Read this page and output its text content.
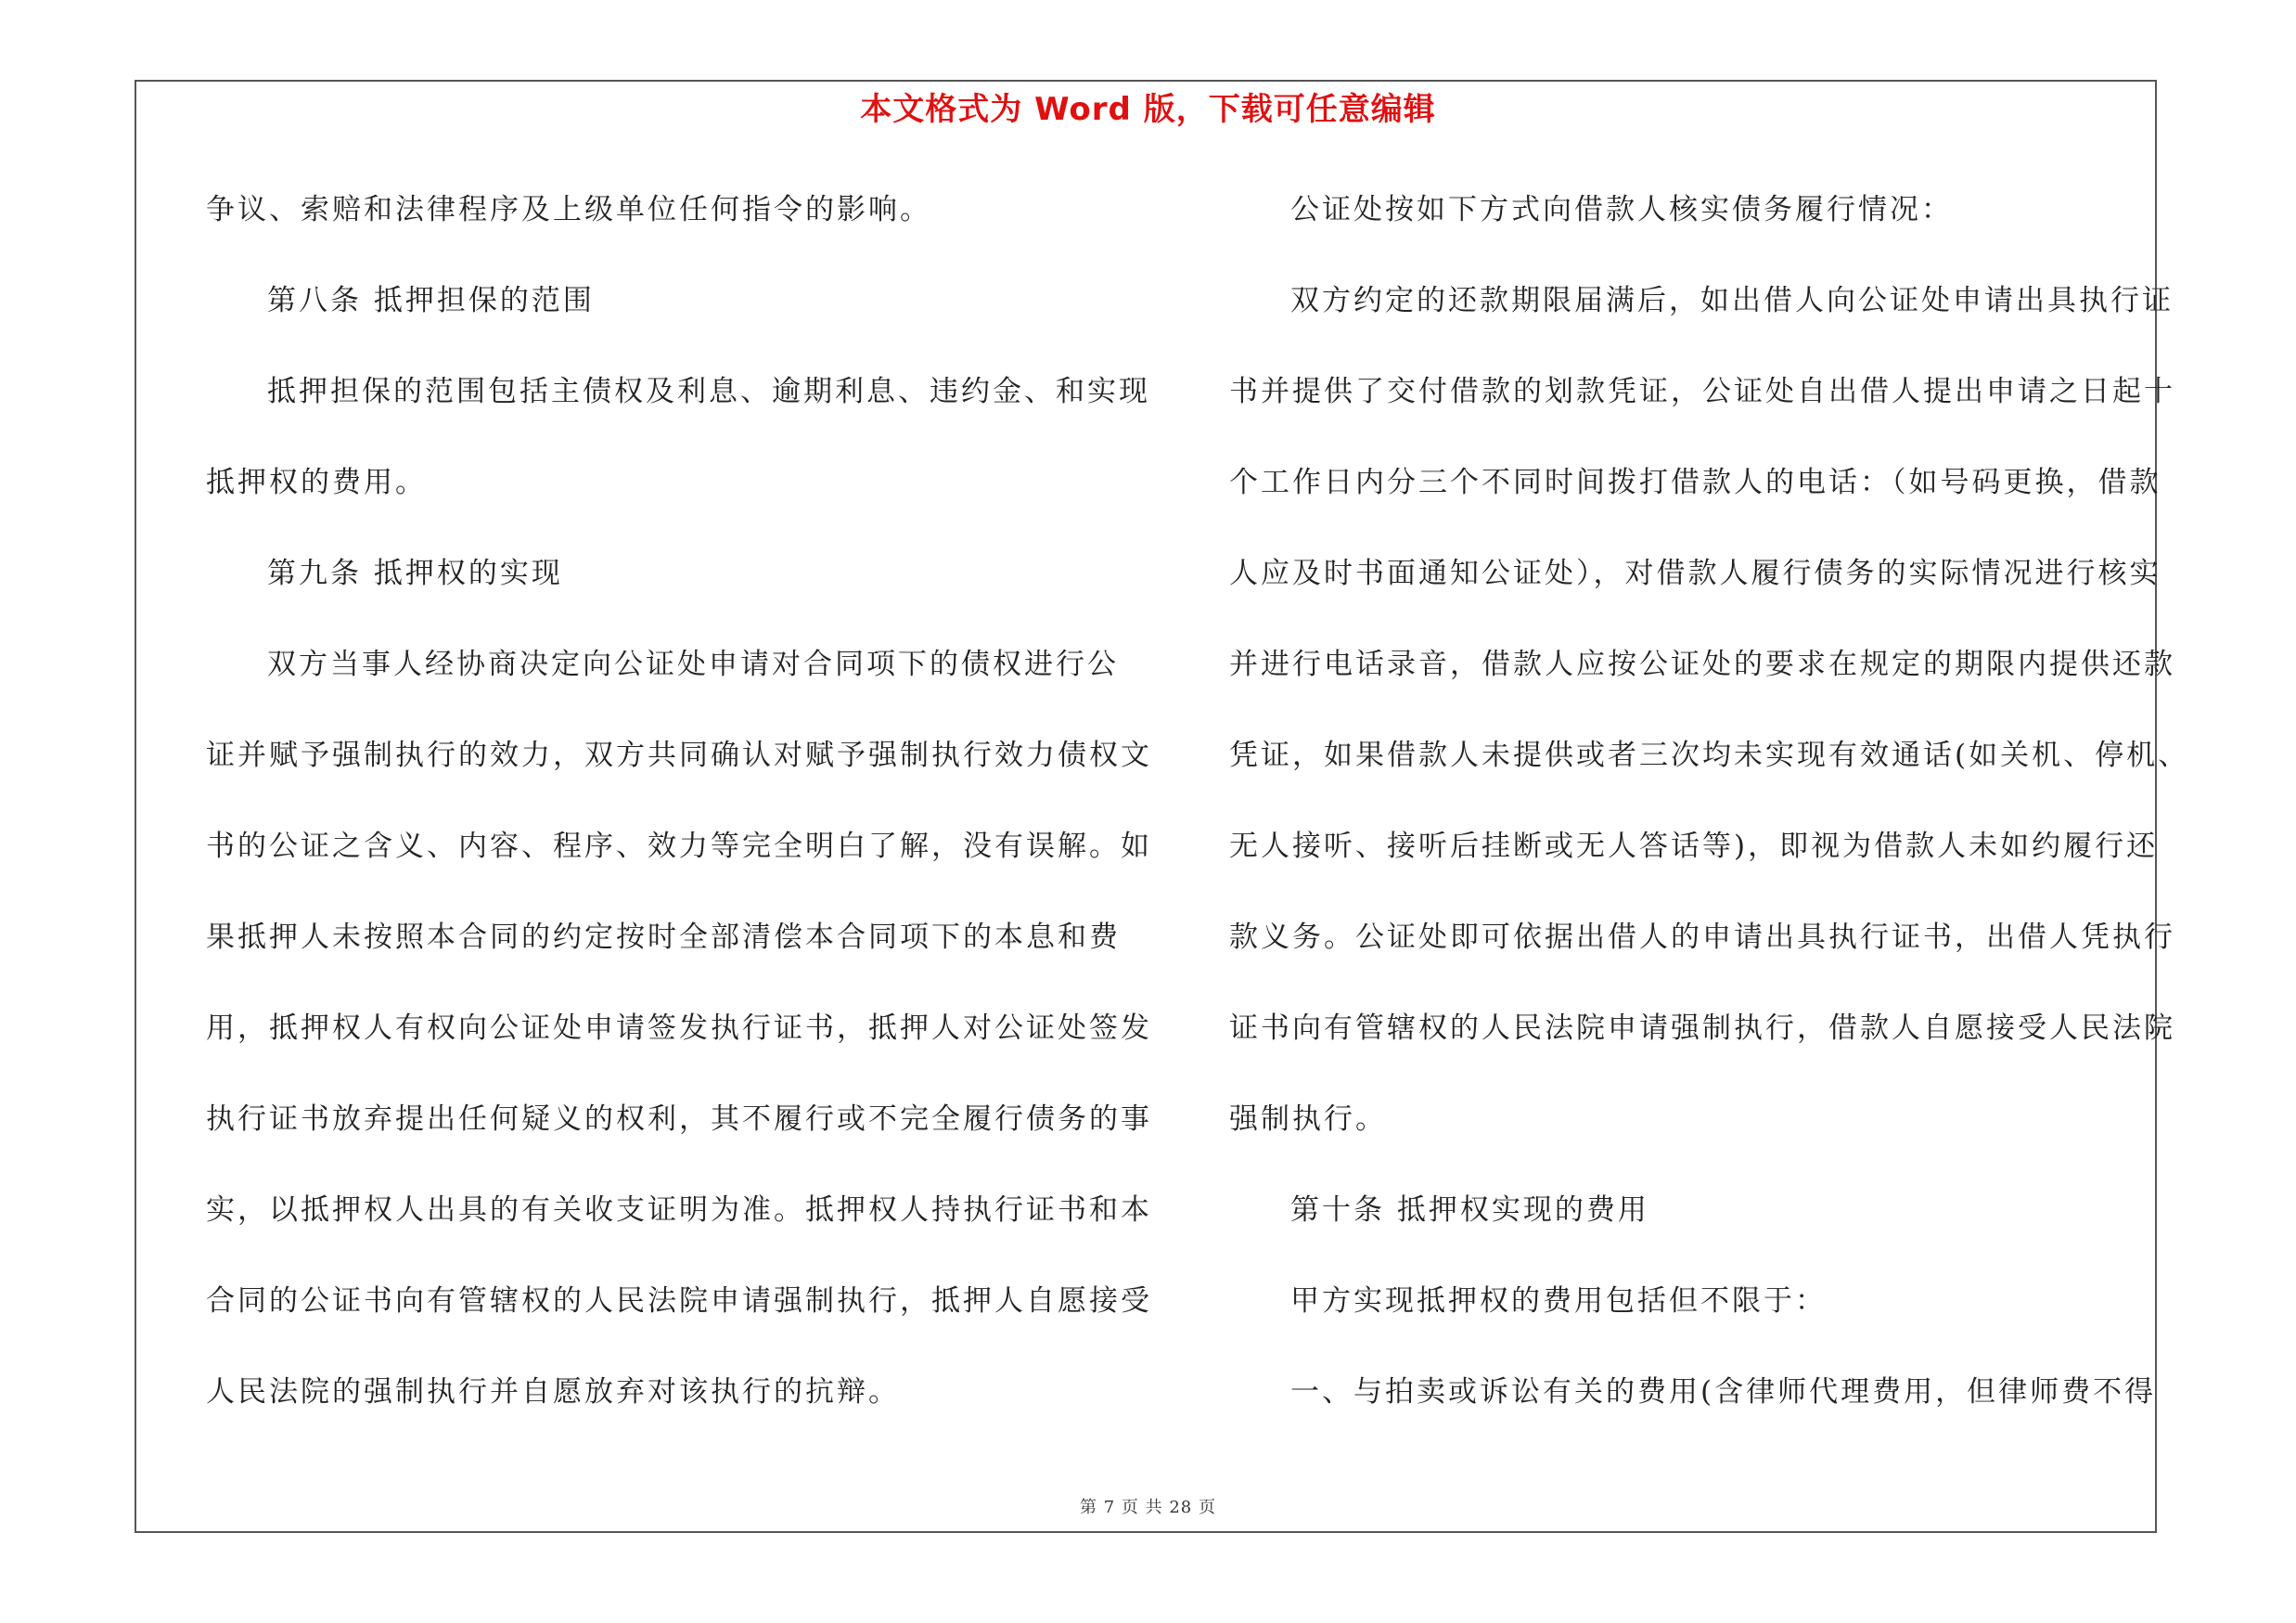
本文格式为 Word 版，下载可任意编辑
争议、索赔和法律程序及上级单位任何指令的影响。
第八条 抵押担保的范围
抵押担保的范围包括主债权及利息、逾期利息、违约金、和实现
抵押权的费用。
第九条 抵押权的实现
双方当事人经协商决定向公证处申请对合同项下的债权进行公
证并赋予强制执行的效力，双方共同确认对赋予强制执行效力债权文
书的公证之含义、内容、程序、效力等完全明白了解，没有误解。如
果抵押人未按照本合同的约定按时全部清偿本合同项下的本息和费
用，抵押权人有权向公证处申请签发执行证书，抵押人对公证处签发
执行证书放弃提出任何疑义的权利，其不履行或不完全履行债务的事
实，以抵押权人出具的有关收支证明为准。抵押权人持执行证书和本
合同的公证书向有管辖权的人民法院申请强制执行，抵押人自愿接受
人民法院的强制执行并自愿放弃对该执行的抗辩。
公证处按如下方式向借款人核实债务履行情况：
双方约定的还款期限届满后，如出借人向公证处申请出具执行证
书并提供了交付借款的划款凭证，公证处自出借人提出申请之日起十
个工作日内分三个不同时间拨打借款人的电话：（如号码更换，借款
人应及时书面通知公证处），对借款人履行债务的实际情况进行核实
并进行电话录音，借款人应按公证处的要求在规定的期限内提供还款
凭证，如果借款人未提供或者三次均未实现有效通话(如关机、停机、
无人接听、接听后挂断或无人答话等)，即视为借款人未如约履行还
款义务。公证处即可依据出借人的申请出具执行证书，出借人凭执行
证书向有管辖权的人民法院申请强制执行，借款人自愿接受人民法院
强制执行。
第十条 抵押权实现的费用
甲方实现抵押权的费用包括但不限于：
一、与拍卖或诉讼有关的费用(含律师代理费用，但律师费不得
第 7 页 共 28 页
